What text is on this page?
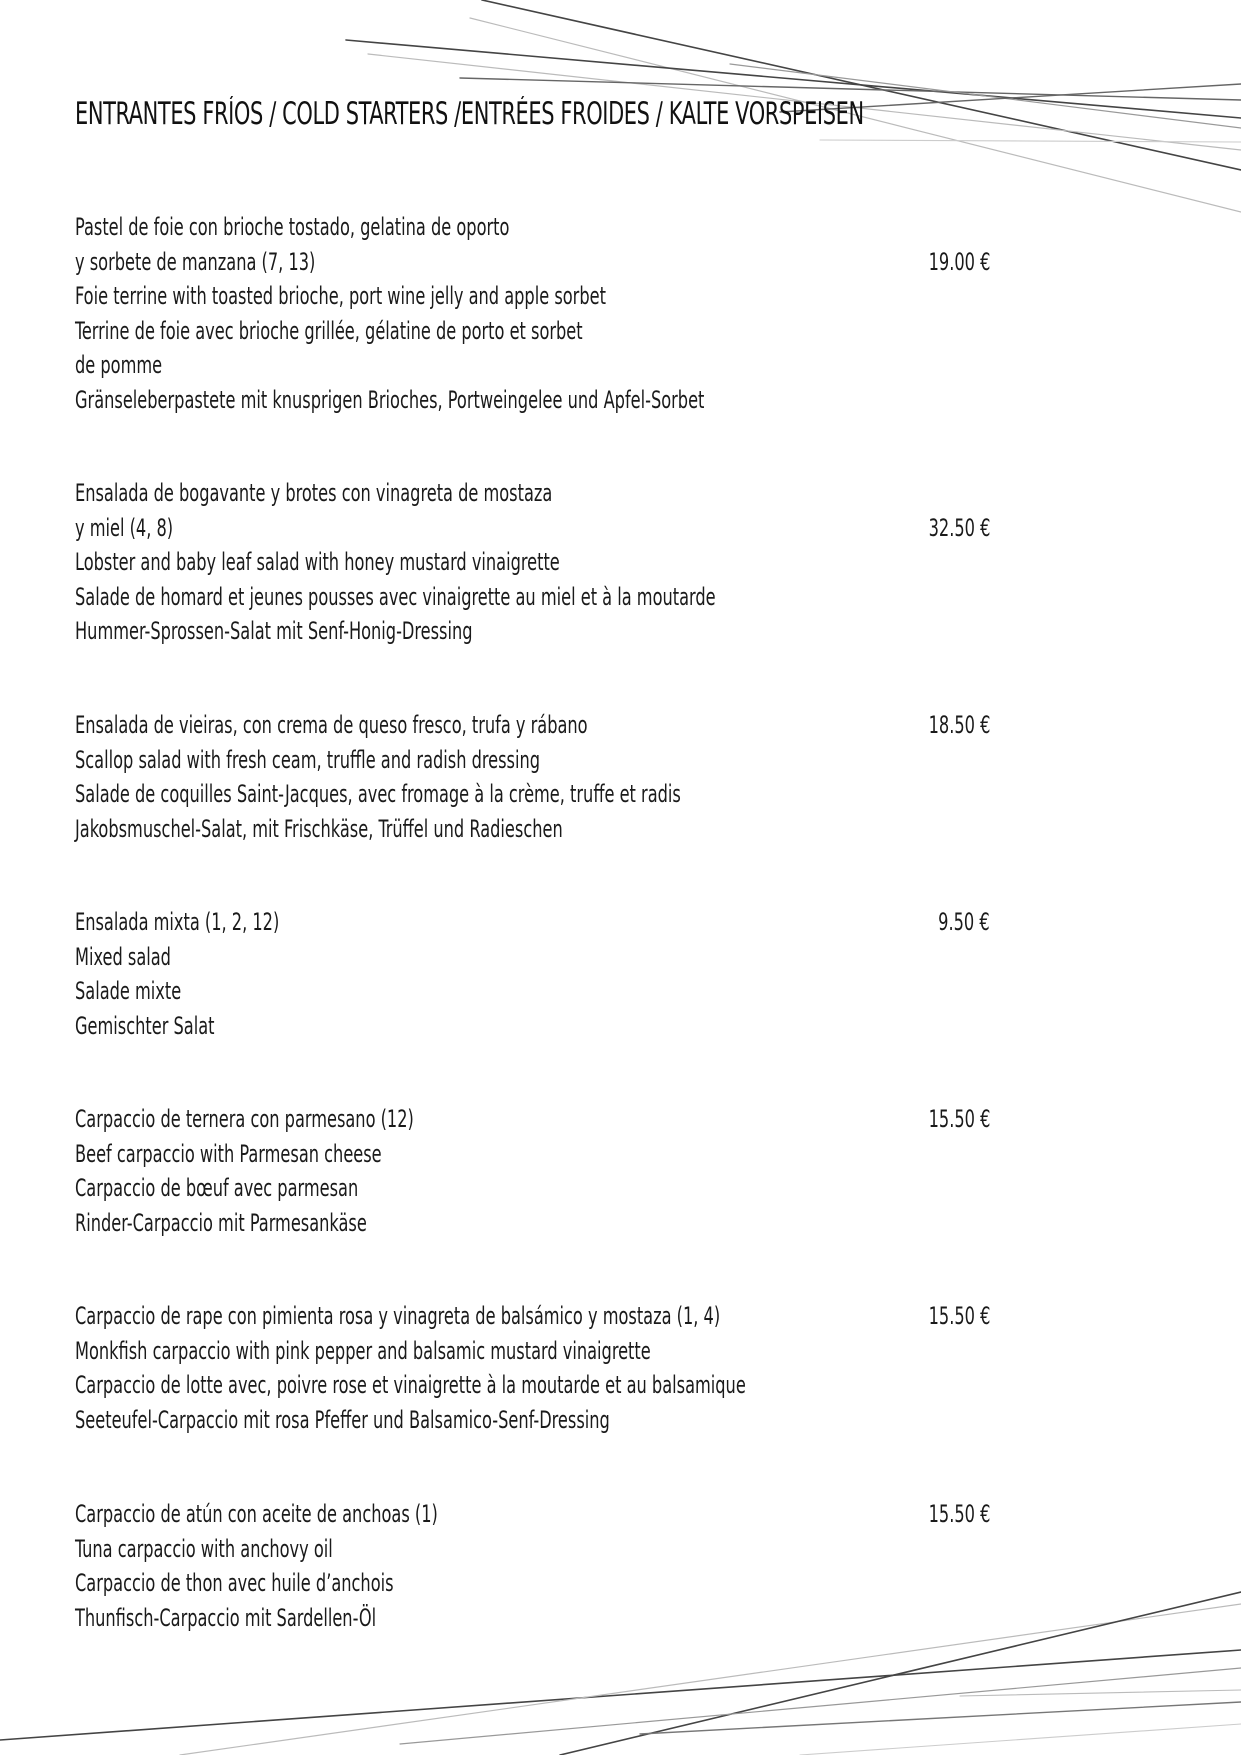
ENTRANTES FRÍOS / COLD STARTERS /ENTRÉES FROIDES / KALTE VORSPEISEN
Pastel de foie con brioche tostado, gelatina de oporto
y sorbete de manzana (7, 13)
Foie terrine with toasted brioche, port wine jelly and apple sorbet
Terrine de foie avec brioche grillée, gélatine de porto et sorbet
de pomme
Gränseleberpastete mit knusprigen Brioches, Portweingelee und Apfel-Sorbet
19.00 €
Ensalada de bogavante y brotes con vinagreta de mostaza
y miel (4, 8)
Lobster and baby leaf salad with honey mustard vinaigrette
Salade de homard et jeunes pousses avec vinaigrette au miel et à la moutarde
Hummer-Sprossen-Salat mit Senf-Honig-Dressing
32.50 €
Ensalada de vieiras, con crema de queso fresco, trufa y rábano
Scallop salad with fresh ceam, truffle and radish dressing
Salade de coquilles Saint-Jacques, avec fromage à la crème, truffe et radis
Jakobsmuschel-Salat, mit Frischkäse, Trüffel und Radieschen
18.50 €
Ensalada mixta (1, 2, 12)
Mixed salad
Salade mixte
Gemischter Salat
9.50 €
Carpaccio de ternera con parmesano (12)
Beef carpaccio with Parmesan cheese
Carpaccio de bœuf avec parmesan
Rinder-Carpaccio mit Parmesankäse
15.50 €
Carpaccio de rape con pimienta rosa y vinagreta de balsámico y mostaza (1, 4)
Monkfish carpaccio with pink pepper and balsamic mustard vinaigrette
Carpaccio de lotte avec, poivre rose et vinaigrette à la moutarde et au balsamique
Seeteufel-Carpaccio mit rosa Pfeffer und Balsamico-Senf-Dressing
15.50 €
Carpaccio de atún con aceite de anchoas (1)
Tuna carpaccio with anchovy oil
Carpaccio de thon avec huile d’anchois
Thunfisch-Carpaccio mit Sardellen-Öl
15.50 €
